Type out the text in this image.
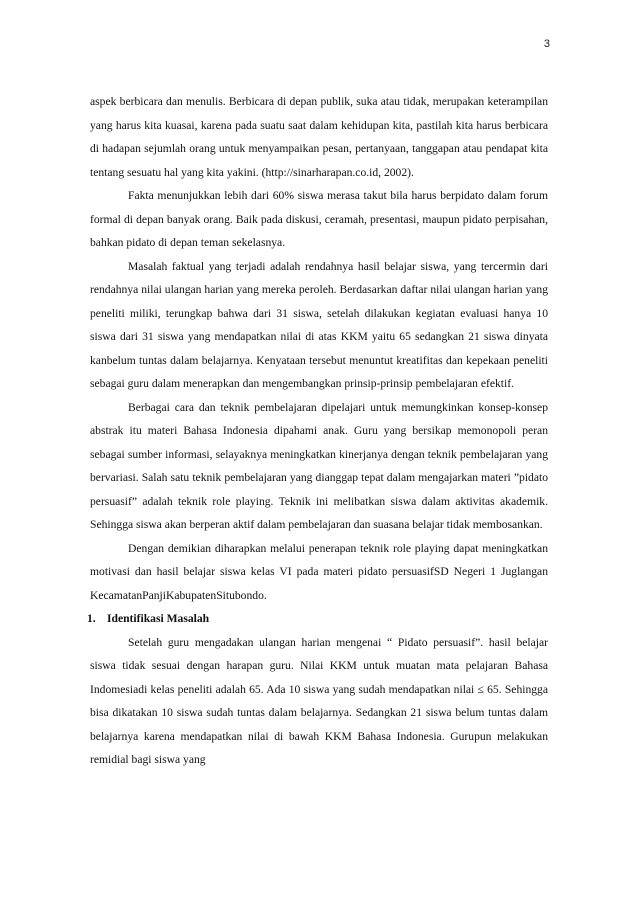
3

aspek berbicara dan menulis. Berbicara di depan publik, suka atau tidak, merupakan keterampilan yang harus kita kuasai, karena pada suatu saat dalam kehidupan kita, pastilah kita harus berbicara di hadapan sejumlah orang untuk menyampaikan pesan, pertanyaan, tanggapan atau pendapat kita tentang sesuatu hal yang kita yakini. (http://sinarharapan.co.id, 2002).

Fakta menunjukkan lebih dari 60% siswa merasa takut bila harus berpidato dalam forum formal di depan banyak orang. Baik pada diskusi, ceramah, presentasi, maupun pidato perpisahan, bahkan pidato di depan teman sekelasnya.

Masalah faktual yang terjadi adalah rendahnya hasil belajar siswa, yang tercermin dari rendahnya nilai ulangan harian yang mereka peroleh. Berdasarkan daftar nilai ulangan harian yang peneliti miliki, terungkap bahwa dari 31 siswa, setelah dilakukan kegiatan evaluasi hanya 10 siswa dari 31 siswa yang mendapatkan nilai di atas KKM yaitu 65 sedangkan 21 siswa dinyata kanbelum tuntas dalam belajarnya. Kenyataan tersebut menuntut kreatifitas dan kepekaan peneliti sebagai guru dalam menerapkan dan mengembangkan prinsip-prinsip pembelajaran efektif.

Berbagai cara dan teknik pembelajaran dipelajari untuk memungkinkan konsep-konsep abstrak itu materi Bahasa Indonesia dipahami anak. Guru yang bersikap memonopoli peran sebagai sumber informasi, selayaknya meningkatkan kinerjanya dengan teknik pembelajaran yang bervariasi. Salah satu teknik pembelajaran yang dianggap tepat dalam mengajarkan materi ”pidato persuasif” adalah teknik role playing. Teknik ini melibatkan siswa dalam aktivitas akademik. Sehingga siswa akan berperan aktif dalam pembelajaran dan suasana belajar tidak membosankan.

Dengan demikian diharapkan melalui penerapan teknik role playing dapat meningkatkan motivasi dan hasil belajar siswa kelas VI pada materi pidato persuasifSD Negeri 1 Juglangan KecamatanPanjiKabupatenSitubondo.

1. Identifikasi Masalah

Setelah guru mengadakan ulangan harian mengenai “ Pidato persuasif”. hasil belajar siswa tidak sesuai dengan harapan guru. Nilai KKM untuk muatan mata pelajaran Bahasa Indomesiadi kelas peneliti adalah 65. Ada 10 siswa yang sudah mendapatkan nilai ≤ 65. Sehingga bisa dikatakan 10 siswa sudah tuntas dalam belajarnya. Sedangkan 21 siswa belum tuntas dalam belajarnya karena mendapatkan nilai di bawah KKM Bahasa Indonesia. Gurupun melakukan remidial bagi siswa yang
